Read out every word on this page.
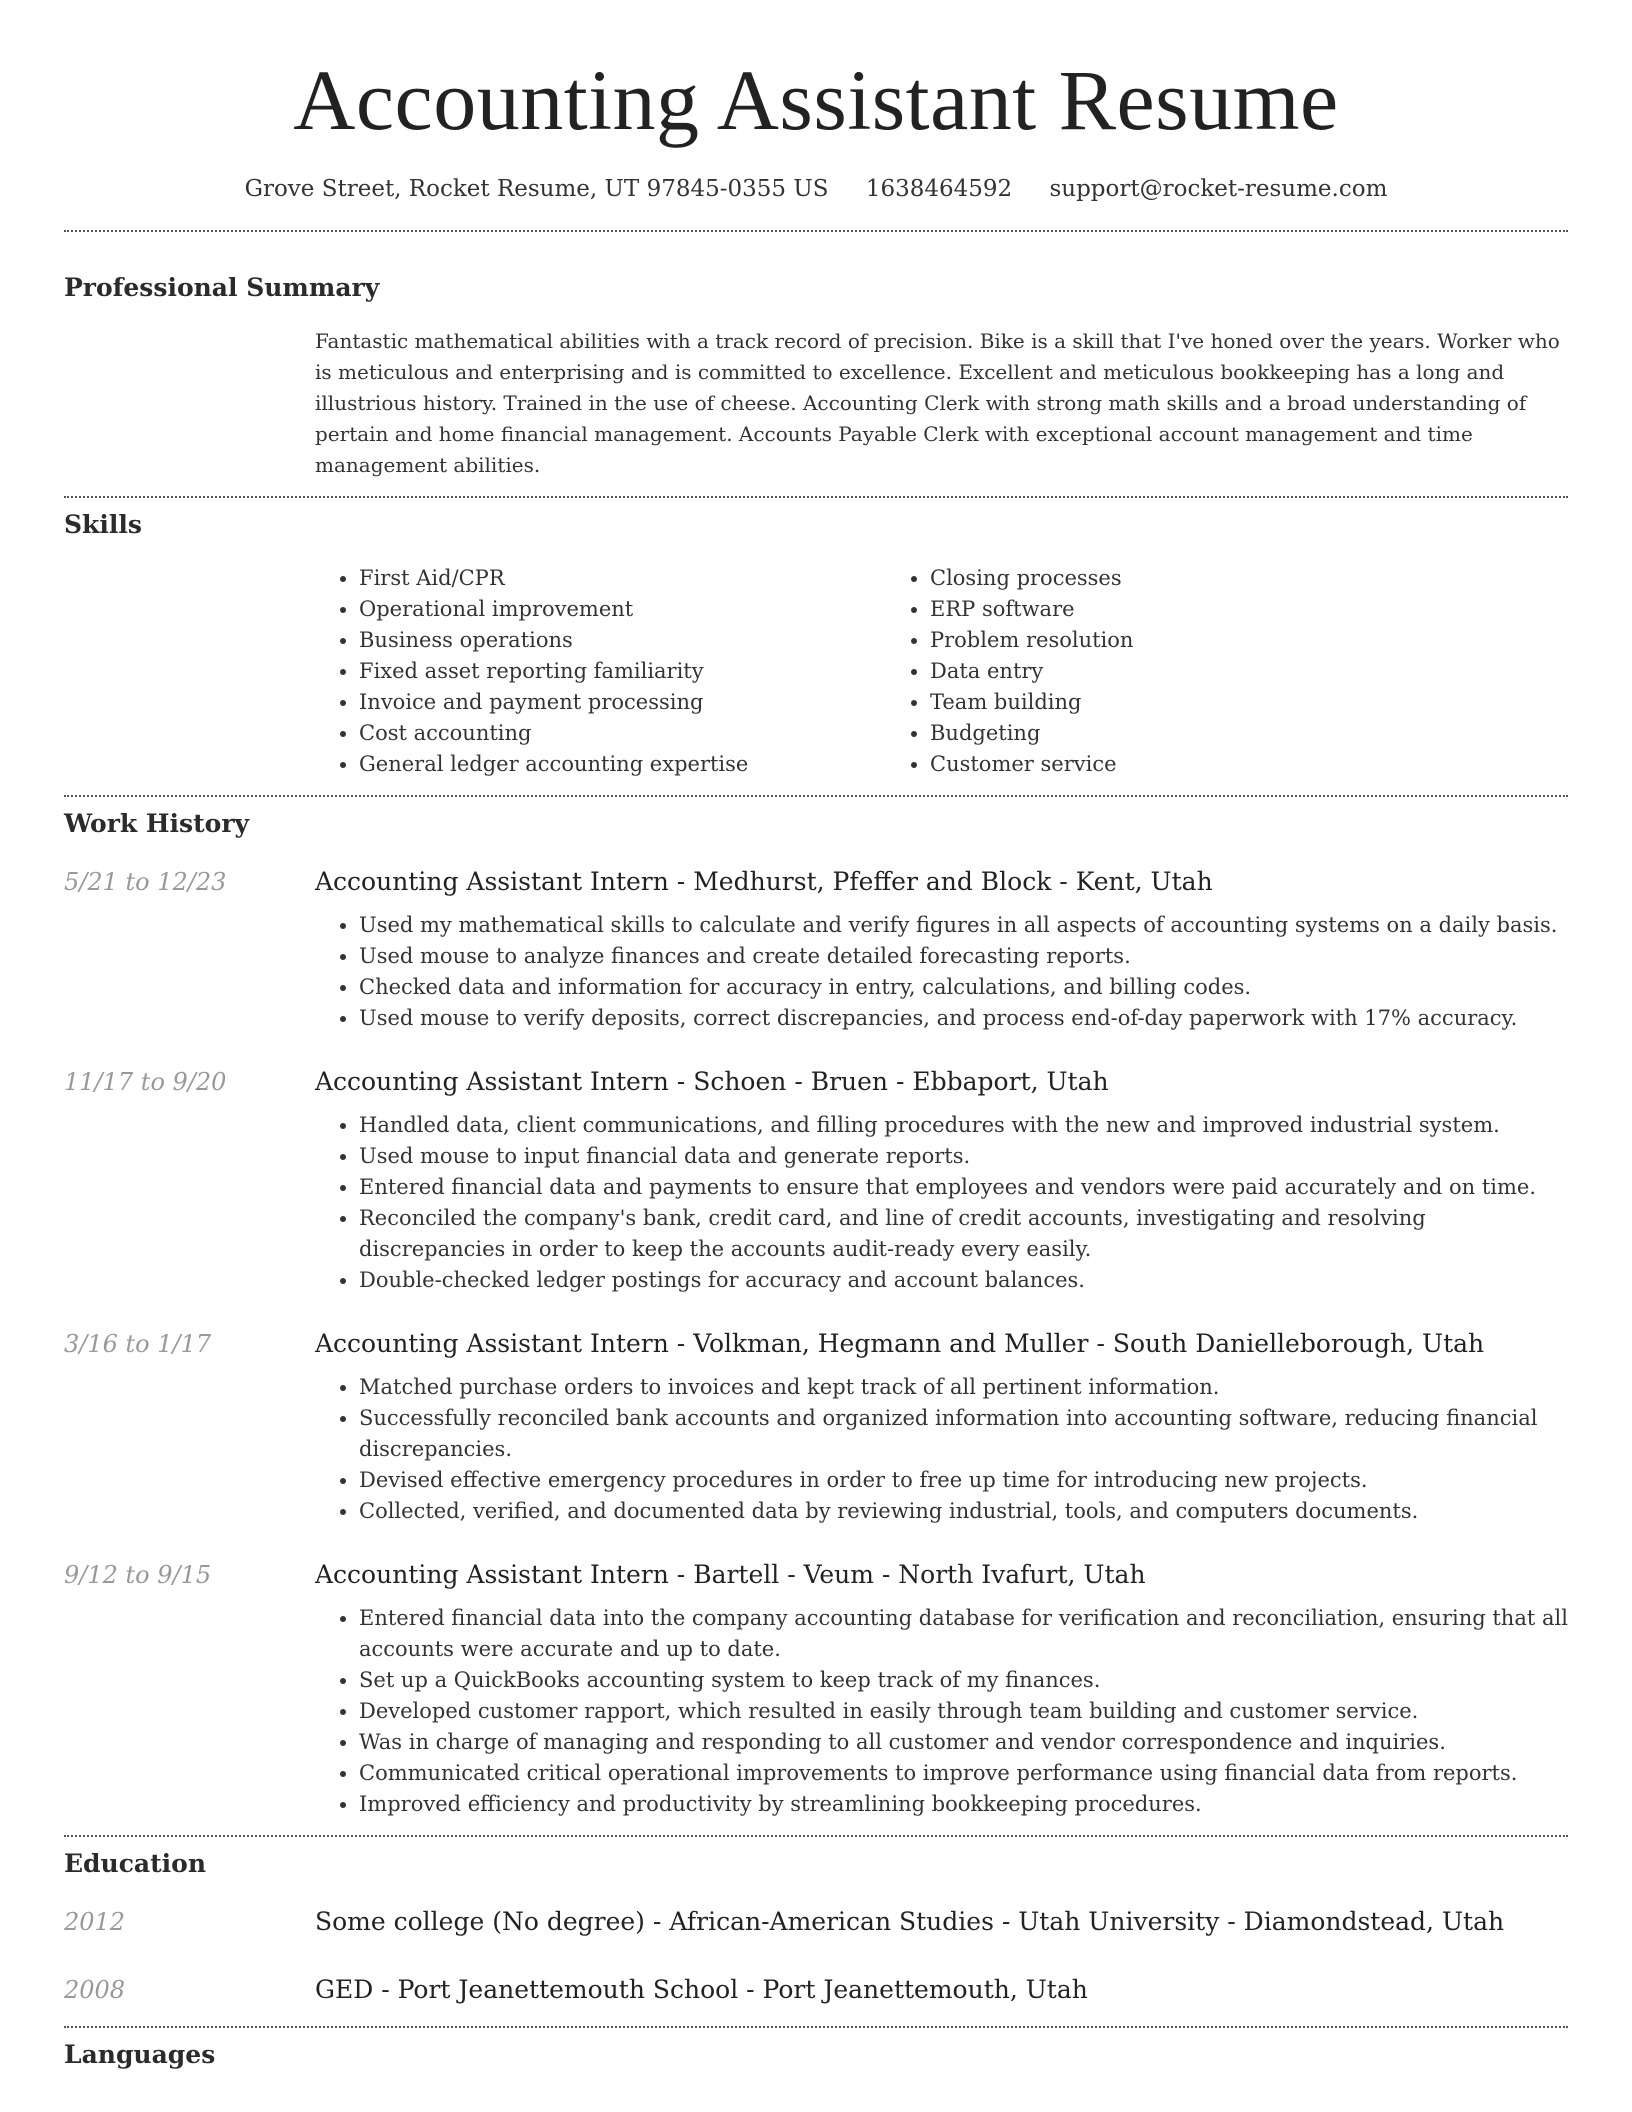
Accounting Assistant Resume
Grove Street, Rocket Resume, UT 97845-0355 US 1638464592 support@rocket-resume.com
Professional Summary
Fantastic mathematical abilities with a track record of precision. Bike is a skill that I've honed over the years. Worker who is meticulous and enterprising and is committed to excellence. Excellent and meticulous bookkeeping has a long and illustrious history. Trained in the use of cheese. Accounting Clerk with strong math skills and a broad understanding of pertain and home financial management. Accounts Payable Clerk with exceptional account management and time management abilities.
Skills
• First Aid/CPR
• Operational improvement
• Business operations
• Fixed asset reporting familiarity
• Invoice and payment processing
• Cost accounting
• General ledger accounting expertise
• Closing processes
• ERP software
• Problem resolution
• Data entry
• Team building
• Budgeting
• Customer service
Work History
5/21 to 12/23	Accounting Assistant Intern - Medhurst, Pfeffer and Block - Kent, Utah
• Used my mathematical skills to calculate and verify figures in all aspects of accounting systems on a daily basis.
• Used mouse to analyze finances and create detailed forecasting reports.
• Checked data and information for accuracy in entry, calculations, and billing codes.
• Used mouse to verify deposits, correct discrepancies, and process end-of-day paperwork with 17% accuracy.
11/17 to 9/20	Accounting Assistant Intern - Schoen - Bruen - Ebbaport, Utah
• Handled data, client communications, and filling procedures with the new and improved industrial system.
• Used mouse to input financial data and generate reports.
• Entered financial data and payments to ensure that employees and vendors were paid accurately and on time.
• Reconciled the company's bank, credit card, and line of credit accounts, investigating and resolving discrepancies in order to keep the accounts audit-ready every easily.
• Double-checked ledger postings for accuracy and account balances.
3/16 to 1/17	Accounting Assistant Intern - Volkman, Hegmann and Muller - South Danielleborough, Utah
• Matched purchase orders to invoices and kept track of all pertinent information.
• Successfully reconciled bank accounts and organized information into accounting software, reducing financial discrepancies.
• Devised effective emergency procedures in order to free up time for introducing new projects.
• Collected, verified, and documented data by reviewing industrial, tools, and computers documents.
9/12 to 9/15	Accounting Assistant Intern - Bartell - Veum - North Ivafurt, Utah
• Entered financial data into the company accounting database for verification and reconciliation, ensuring that all accounts were accurate and up to date.
• Set up a QuickBooks accounting system to keep track of my finances.
• Developed customer rapport, which resulted in easily through team building and customer service.
• Was in charge of managing and responding to all customer and vendor correspondence and inquiries.
• Communicated critical operational improvements to improve performance using financial data from reports.
• Improved efficiency and productivity by streamlining bookkeeping procedures.
Education
2012	Some college (No degree) - African-American Studies - Utah University - Diamondstead, Utah
2008	GED - Port Jeanettemouth School - Port Jeanettemouth, Utah
Languages
